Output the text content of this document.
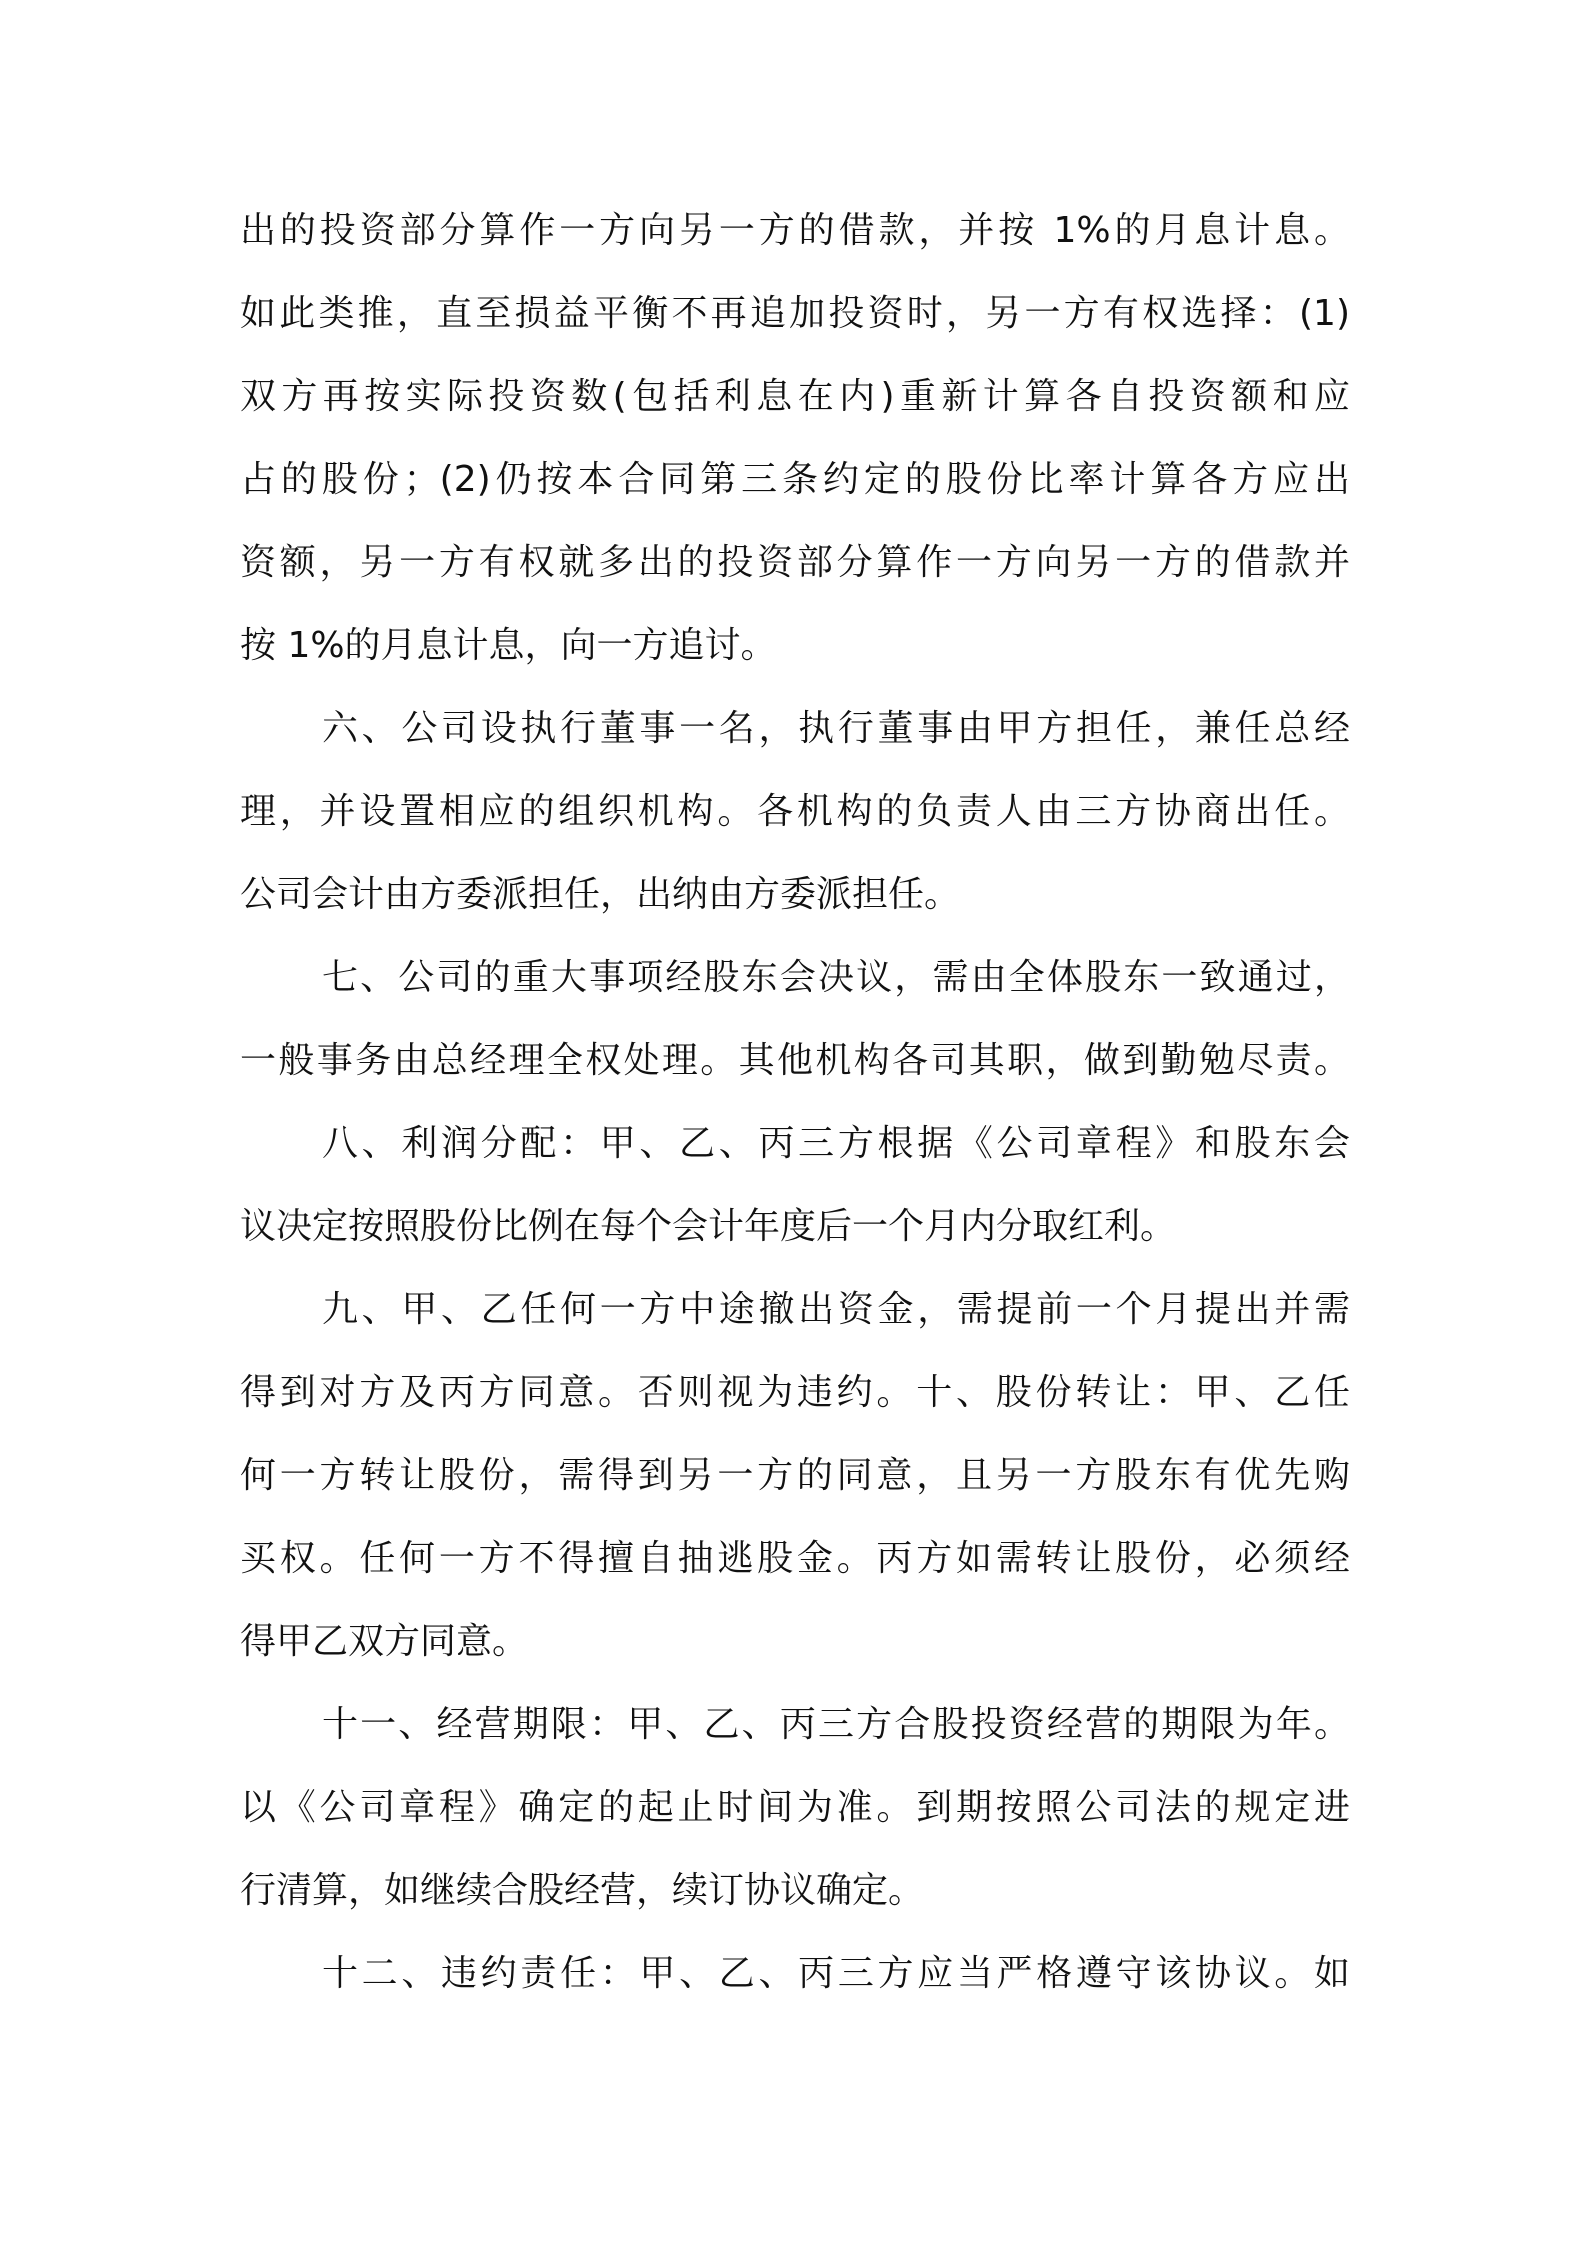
出的投资部分算作一方向另一方的借款，并按 1%的月息计息。
如此类推，直至损益平衡不再追加投资时，另一方有权选择：(1)
双方再按实际投资数(包括利息在内)重新计算各自投资额和应
占的股份；(2)仍按本合同第三条约定的股份比率计算各方应出
资额，另一方有权就多出的投资部分算作一方向另一方的借款并
按 1%的月息计息，向一方追讨。
六、公司设执行董事一名，执行董事由甲方担任，兼任总经
理，并设置相应的组织机构。各机构的负责人由三方协商出任。
公司会计由方委派担任，出纳由方委派担任。
七、公司的重大事项经股东会决议，需由全体股东一致通过，
一般事务由总经理全权处理。其他机构各司其职，做到勤勉尽责。
八、利润分配：甲、乙、丙三方根据《公司章程》和股东会
议决定按照股份比例在每个会计年度后一个月内分取红利。
九、甲、乙任何一方中途撤出资金，需提前一个月提出并需
得到对方及丙方同意。否则视为违约。十、股份转让：甲、乙任
何一方转让股份，需得到另一方的同意，且另一方股东有优先购
买权。任何一方不得擅自抽逃股金。丙方如需转让股份，必须经
得甲乙双方同意。
十一、经营期限：甲、乙、丙三方合股投资经营的期限为年。
以《公司章程》确定的起止时间为准。到期按照公司法的规定进
行清算，如继续合股经营，续订协议确定。
十二、违约责任：甲、乙、丙三方应当严格遵守该协议。如
